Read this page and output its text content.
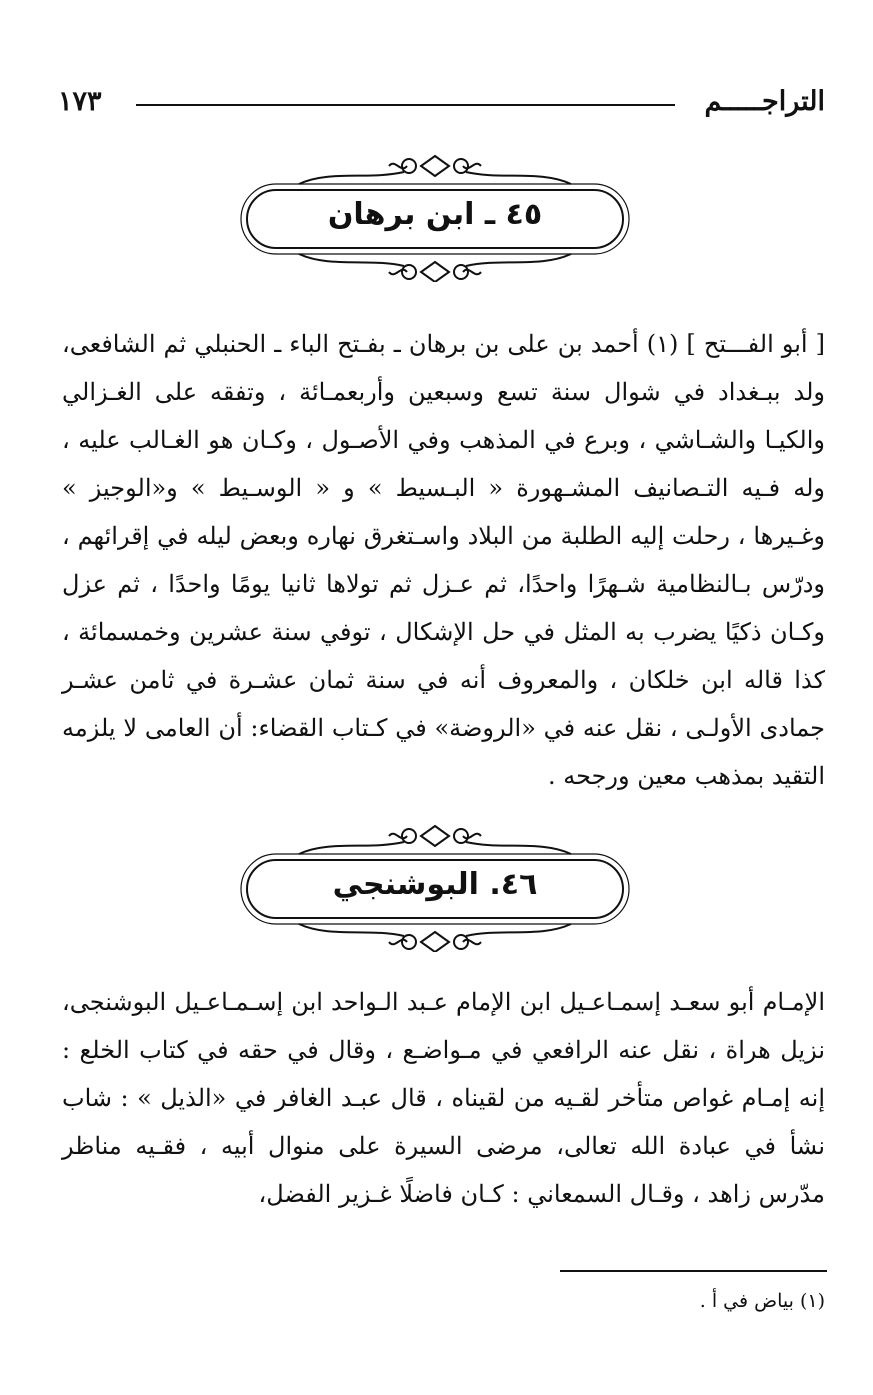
التراجـــــم
١٧٣
٤٥ ـ ابن برهان
[ أبو الفـــتح ] (١) أحمد بن على بن برهان ـ بفـتح الباء ـ الحنبلي ثم الشافعى، ولد ببـغداد في شوال سنة تسع وسبعين وأربعمـائة ، وتفقه على الغـزالي والكيـا والشـاشي ، وبرع في المذهب وفي الأصـول ، وكـان هو الغـالب عليه ، وله فـيه التـصانيف المشـهورة « البـسيط » و « الوسـيط » و«الوجيز » وغـيرها ، رحلت إليه الطلبة من البلاد واسـتغرق نهاره وبعض ليله في إقرائهم ، ودرّس بـالنظامية شـهرًا واحدًا، ثم عـزل ثم تولاها ثانيا يومًا واحدًا ، ثم عزل وكـان ذكيًا يضرب به المثل في حل الإشكال ، توفي سنة عشرين وخمسمائة ، كذا قاله ابن خلكان ، والمعروف أنه في سنة ثمان عشـرة في ثامن عشـر جمادى الأولـى ، نقل عنه في «الروضة» في كـتاب القضاء: أن العامى لا يلزمه التقيد بمذهب معين ورجحه .
٤٦. البوشنجي
الإمـام أبو سعـد إسمـاعـيل ابن الإمام عـبد الـواحد ابن إسـمـاعـيل البوشنجى، نزيل هراة ، نقل عنه الرافعي في مـواضـع ، وقال في حقه في كتاب الخلع : إنه إمـام غواص متأخر لقـيه من لقيناه ، قال عبـد الغافر في «الذيل » : شاب نشأ في عبادة الله تعالى، مرضى السيرة على منوال أبيه ، فقـيه مناظر مدّرس زاهد ، وقـال السمعاني : كـان فاضلًا غـزير الفضل،
(١) بياض في أ .
